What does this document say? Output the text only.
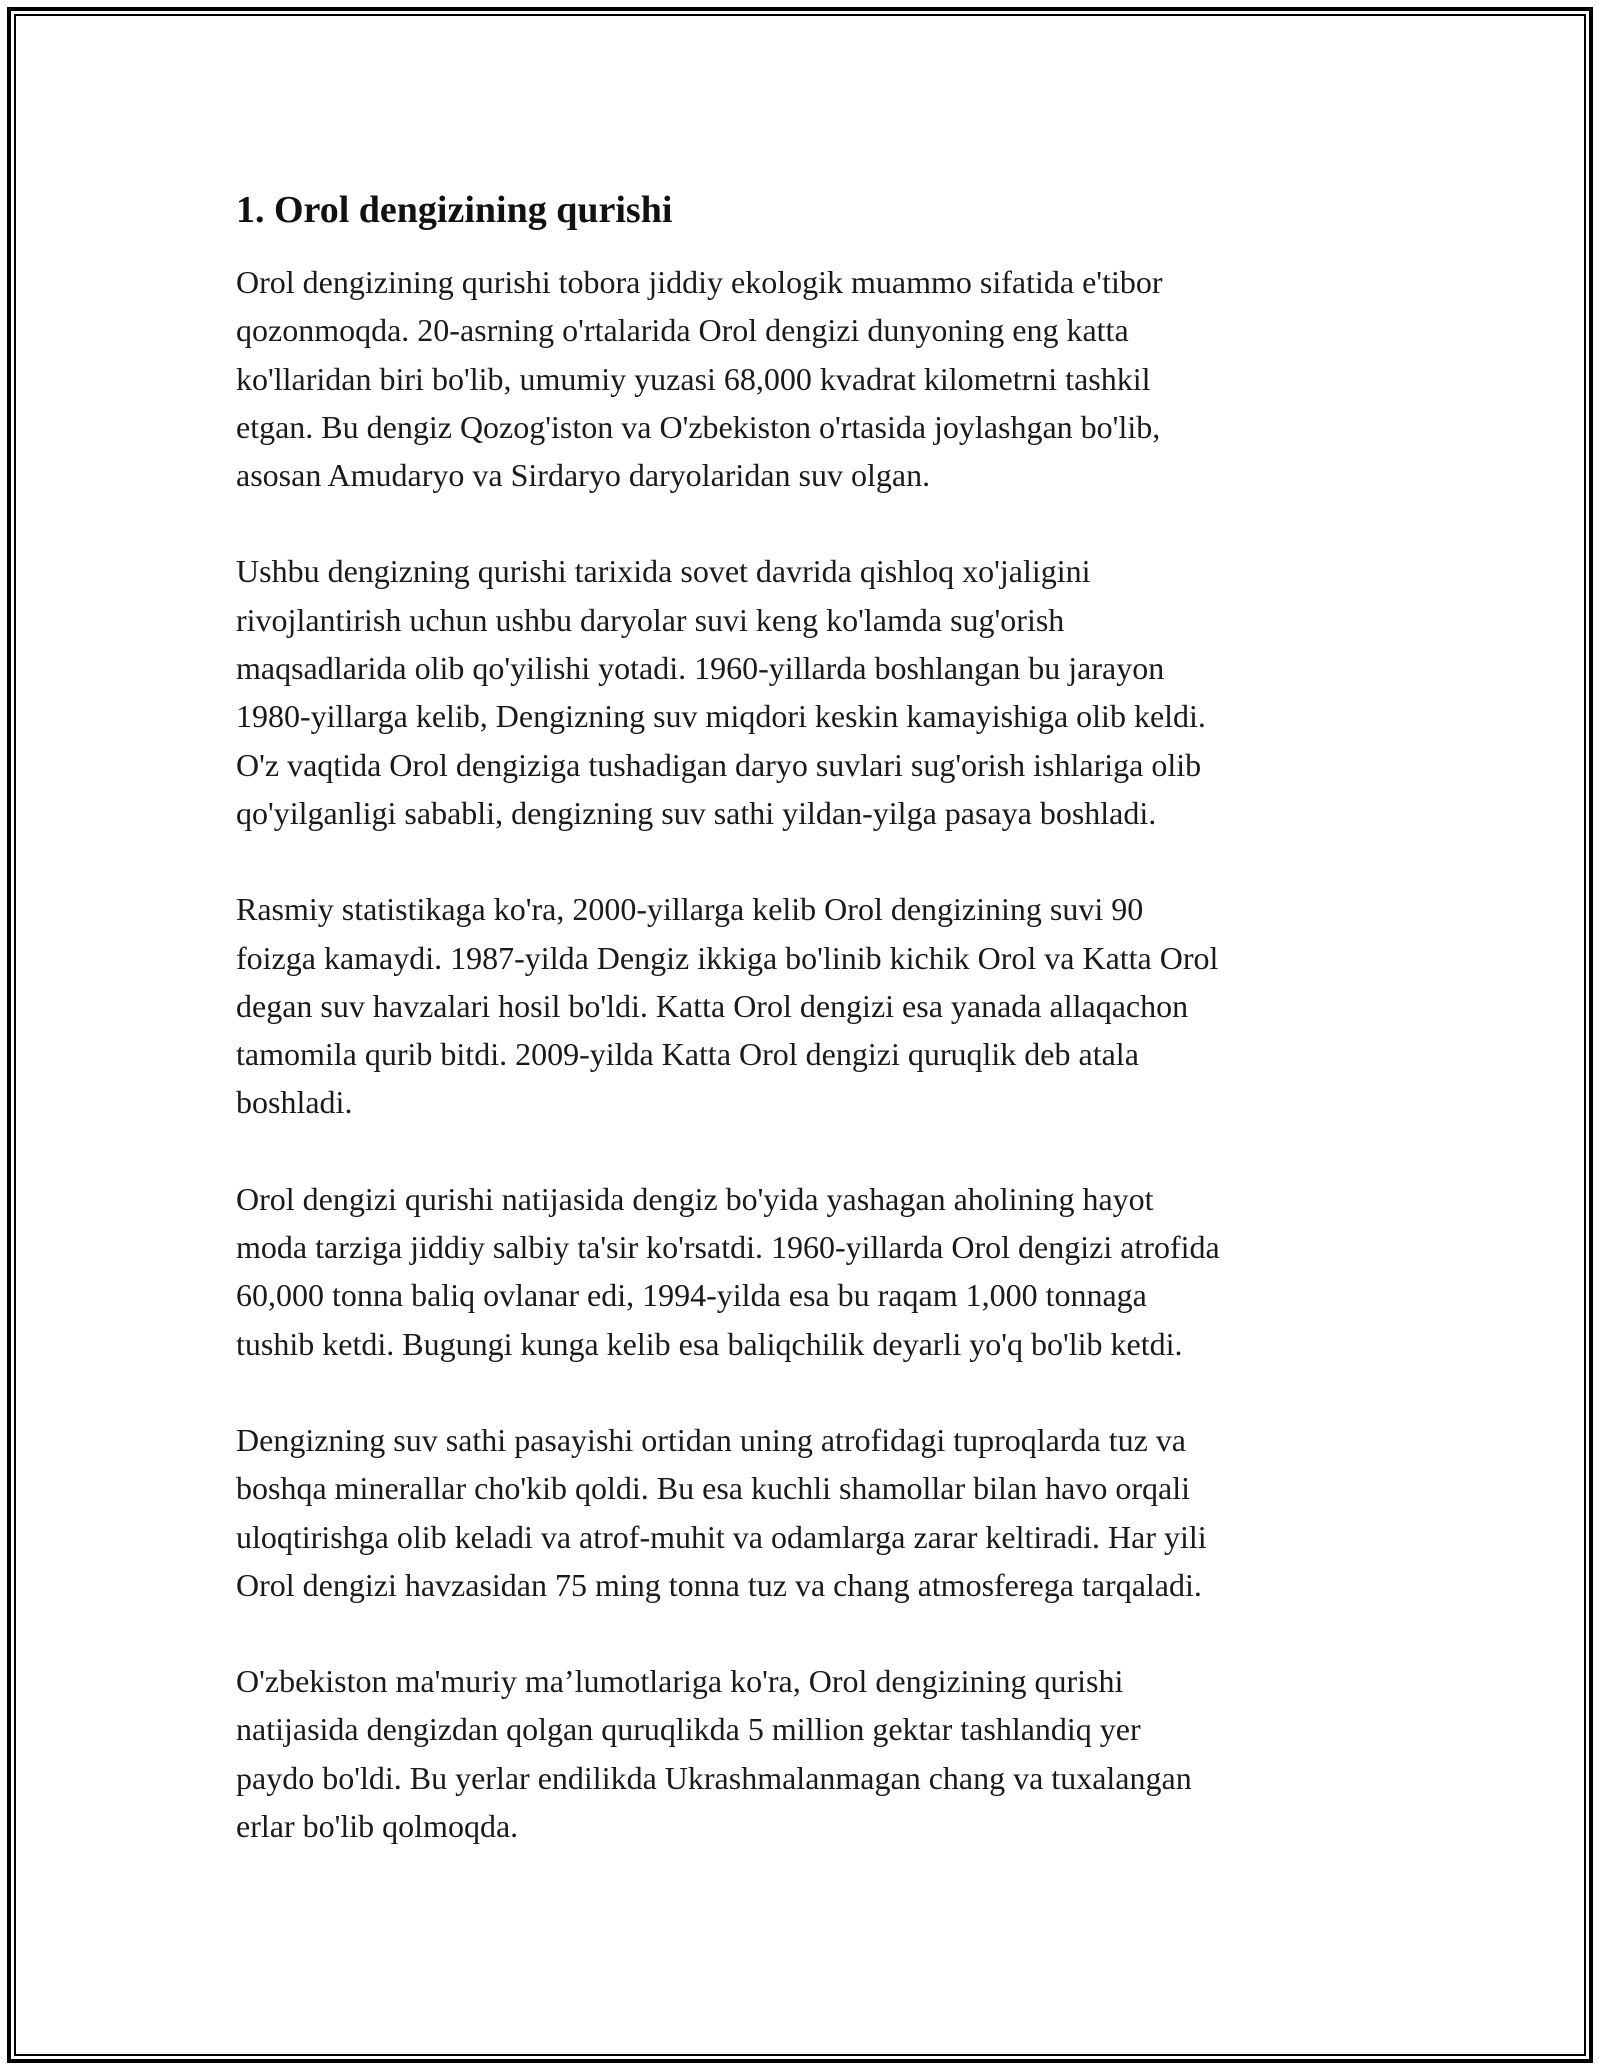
1. Orol dengizining qurishi

Orol dengizining qurishi tobora jiddiy ekologik muammo sifatida e'tibor
qozonmoqda. 20-asrning o'rtalarida Orol dengizi dunyoning eng katta
ko'llaridan biri bo'lib, umumiy yuzasi 68,000 kvadrat kilometrni tashkil
etgan. Bu dengiz Qozog'iston va O'zbekiston o'rtasida joylashgan bo'lib,
asosan Amudaryo va Sirdaryo daryolaridan suv olgan.

Ushbu dengizning qurishi tarixida sovet davrida qishloq xo'jaligini
rivojlantirish uchun ushbu daryolar suvi keng ko'lamda sug'orish
maqsadlarida olib qo'yilishi yotadi. 1960-yillarda boshlangan bu jarayon
1980-yillarga kelib, Dengizning suv miqdori keskin kamayishiga olib keldi.
O'z vaqtida Orol dengiziga tushadigan daryo suvlari sug'orish ishlariga olib
qo'yilganligi sababli, dengizning suv sathi yildan-yilga pasaya boshladi.

Rasmiy statistikaga ko'ra, 2000-yillarga kelib Orol dengizining suvi 90
foizga kamaydi. 1987-yilda Dengiz ikkiga bo'linib kichik Orol va Katta Orol
degan suv havzalari hosil bo'ldi. Katta Orol dengizi esa yanada allaqachon
tamomila qurib bitdi. 2009-yilda Katta Orol dengizi quruqlik deb atala
boshladi.

Orol dengizi qurishi natijasida dengiz bo'yida yashagan aholining hayot
moda tarziga jiddiy salbiy ta'sir ko'rsatdi. 1960-yillarda Orol dengizi atrofida
60,000 tonna baliq ovlanar edi, 1994-yilda esa bu raqam 1,000 tonnaga
tushib ketdi. Bugungi kunga kelib esa baliqchilik deyarli yo'q bo'lib ketdi.

Dengizning suv sathi pasayishi ortidan uning atrofidagi tuproqlarda tuz va
boshqa minerallar cho'kib qoldi. Bu esa kuchli shamollar bilan havo orqali
uloqtirishga olib keladi va atrof-muhit va odamlarga zarar keltiradi. Har yili
Orol dengizi havzasidan 75 ming tonna tuz va chang atmosferega tarqaladi.

O'zbekiston ma'muriy ma’lumotlariga ko'ra, Orol dengizining qurishi
natijasida dengizdan qolgan quruqlikda 5 million gektar tashlandiq yer
paydo bo'ldi. Bu yerlar endilikda Ukrashmalanmagan chang va tuxalangan
erlar bo'lib qolmoqda.
